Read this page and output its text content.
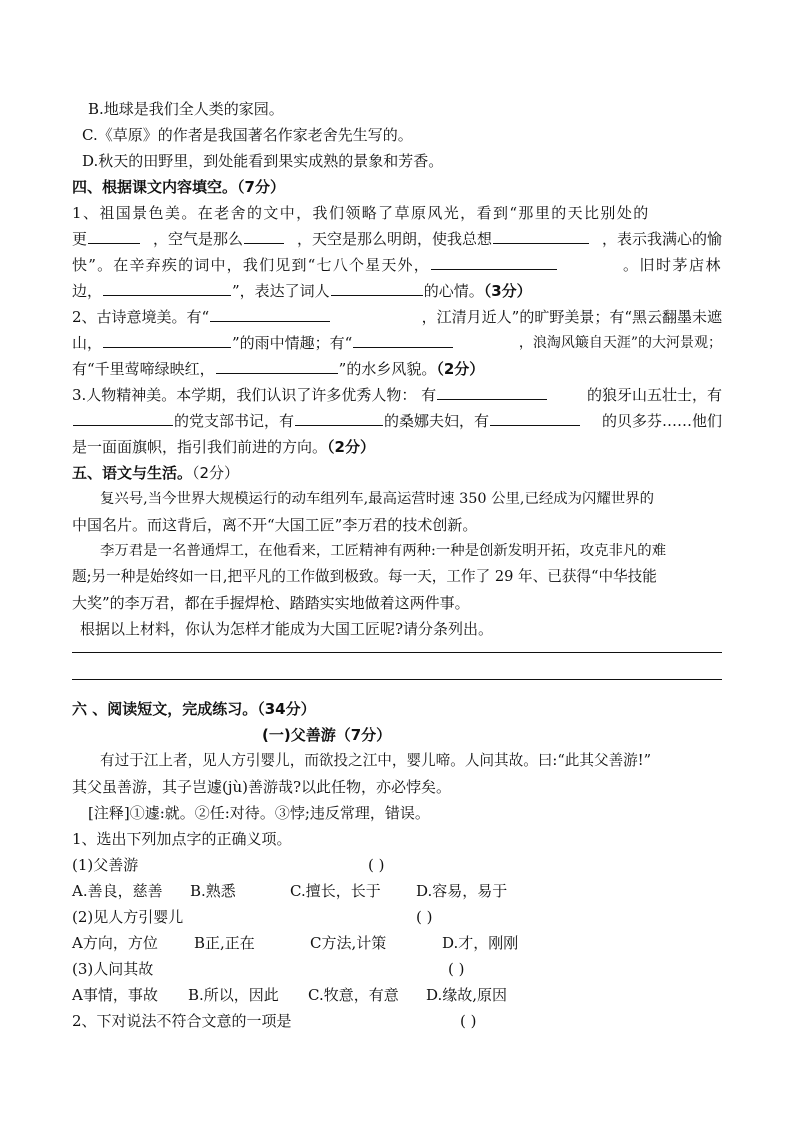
B.地球是我们全人类的家园。
C.《草原》的作者是我国著名作家老舍先生写的。
D.秋天的田野里，到处能看到果实成熟的景象和芳香。
四、根据课文内容填空。（7分）
1、祖国景色美。在老舍的文中，我们领略了草原风光，看到“那里的天比别处的
更	，空气是那么	，天空是那么明朗，使我总想	，表示我满心的愉
快”。在辛弃疾的词中，我们见到“七八个星天外，	。旧时茅店林
边，	”，表达了词人	的心情。（3分）
2、古诗意境美。有“	，江清月近人”的旷野美景；有“黑云翻墨未遮
山，	”的雨中情趣；有“	，浪淘风簸自天涯”的大河景观；
有“千里莺啼绿映红，	”的水乡风貌。（2分）
3.人物精神美。本学期，我们认识了许多优秀人物： 有	的狼牙山五壮士，有
的党支部书记，有	的桑娜夫妇，有	的贝多芬……他们
是一面面旗帜，指引我们前进的方向。（2分）
五、语文与生活。（2分）
复兴号,当今世界大规模运行的动车组列车,最高运营时速 350 公里,已经成为闪耀世界的
中国名片。而这背后，离不开“大国工匠”李万君的技术创新。
李万君是一名普通焊工，在他看来，工匠精神有两种:一种是创新发明开拓，攻克非凡的难
题;另一种是始终如一日,把平凡的工作做到极致。每一天，工作了 29 年、已获得“中华技能
大奖”的李万君，都在手握焊枪、踏踏实实地做着这两件事。
根据以上材料，你认为怎样才能成为大国工匠呢?请分条列出。
六 、阅读短文，完成练习。（34分）
(一)父善游（7分）
有过于江上者，见人方引婴儿，而欲投之江中，婴儿啼。人问其故。曰:“此其父善游!”
其父虽善游，其子岂遽(jù)善游哉?以此任物，亦必悖矣。
[注释]①遽:就。②任:对待。③悖;违反常理，错误。
1、选出下列加点字的正确义项。
(1)父善游	( )
A.善良，慈善 B.熟悉	C.擅长，长于 D.容易，易于
(2)见人方引婴儿	( )
A方向，方位 B正,正在	C方法,计策	D.才，刚刚
(3)人问其故	( )
A事情，事故 B.所以，因此 C.牧意，有意 D.缘故,原因
2、下对说法不符合文意的一项是	( )
